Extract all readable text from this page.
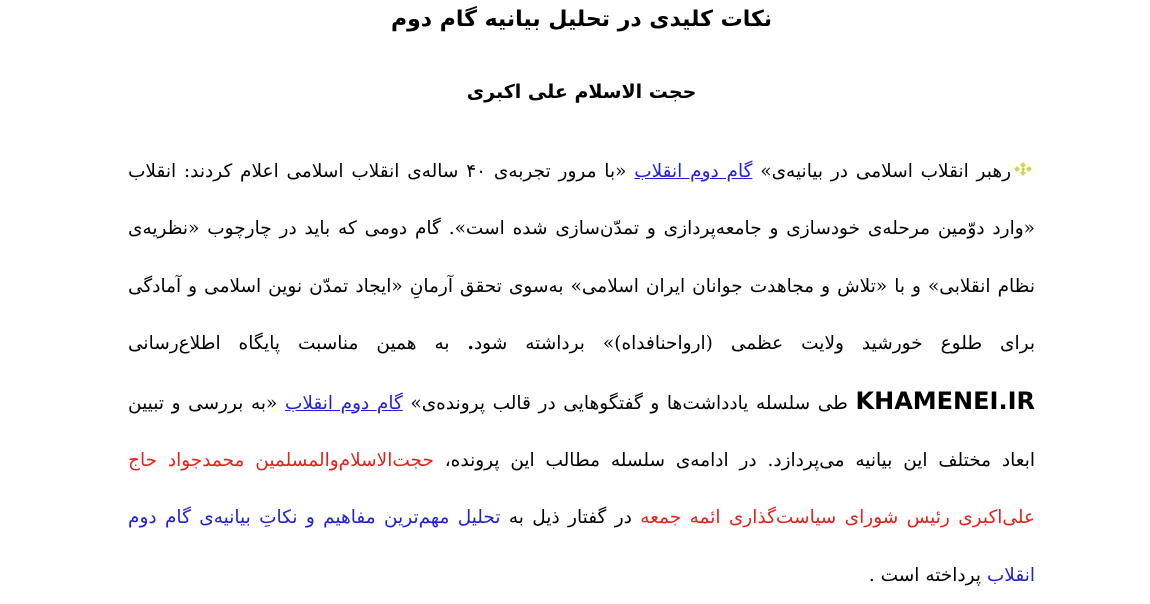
نکات کلیدی در تحلیل بیانیه گام دوم
حجت الاسلام علی اکبری
رهبر انقلاب اسلامی در بیانیه‌ی» گام دوم انقلاب «با مرور تجربه‌ی ۴۰ ساله‌ی انقلاب اسلامی اعلام کردند: انقلاب «وارد دوّمین مرحله‌ی خودسازی و جامعه‌پردازی و تمدّن‌سازی شده است». گام دومی که باید در چارچوب «نظریه‌ی نظام انقلابی» و با «تلاش و مجاهدت جوانان ایران اسلامی» به‌سوی تحقق آرمانِ «ایجاد تمدّن نوین اسلامی و آمادگی برای طلوع خورشید ولایت عظمی (ارواحنافداه)» برداشته شود. به همین مناسبت پایگاه اطلاع‌رسانی KHAMENEI.IR طی سلسله یادداشت‌ها و گفتگوهایی در قالب پرونده‌ی» گام دوم انقلاب «به بررسی و تبیین ابعاد مختلف این بیانیه می‌پردازد. در ادامه‌ی سلسله مطالب این پرونده، حجت‌الاسلام‌والمسلمین محمدجواد حاج علی‌اکبری رئیس شورای سیاست‌گذاری ائمه جمعه در گفتار ذیل به تحلیل مهم‌ترین مفاهیم و نکاتِ بیانیه‌ی گام دوم انقلاب پرداخته است .
